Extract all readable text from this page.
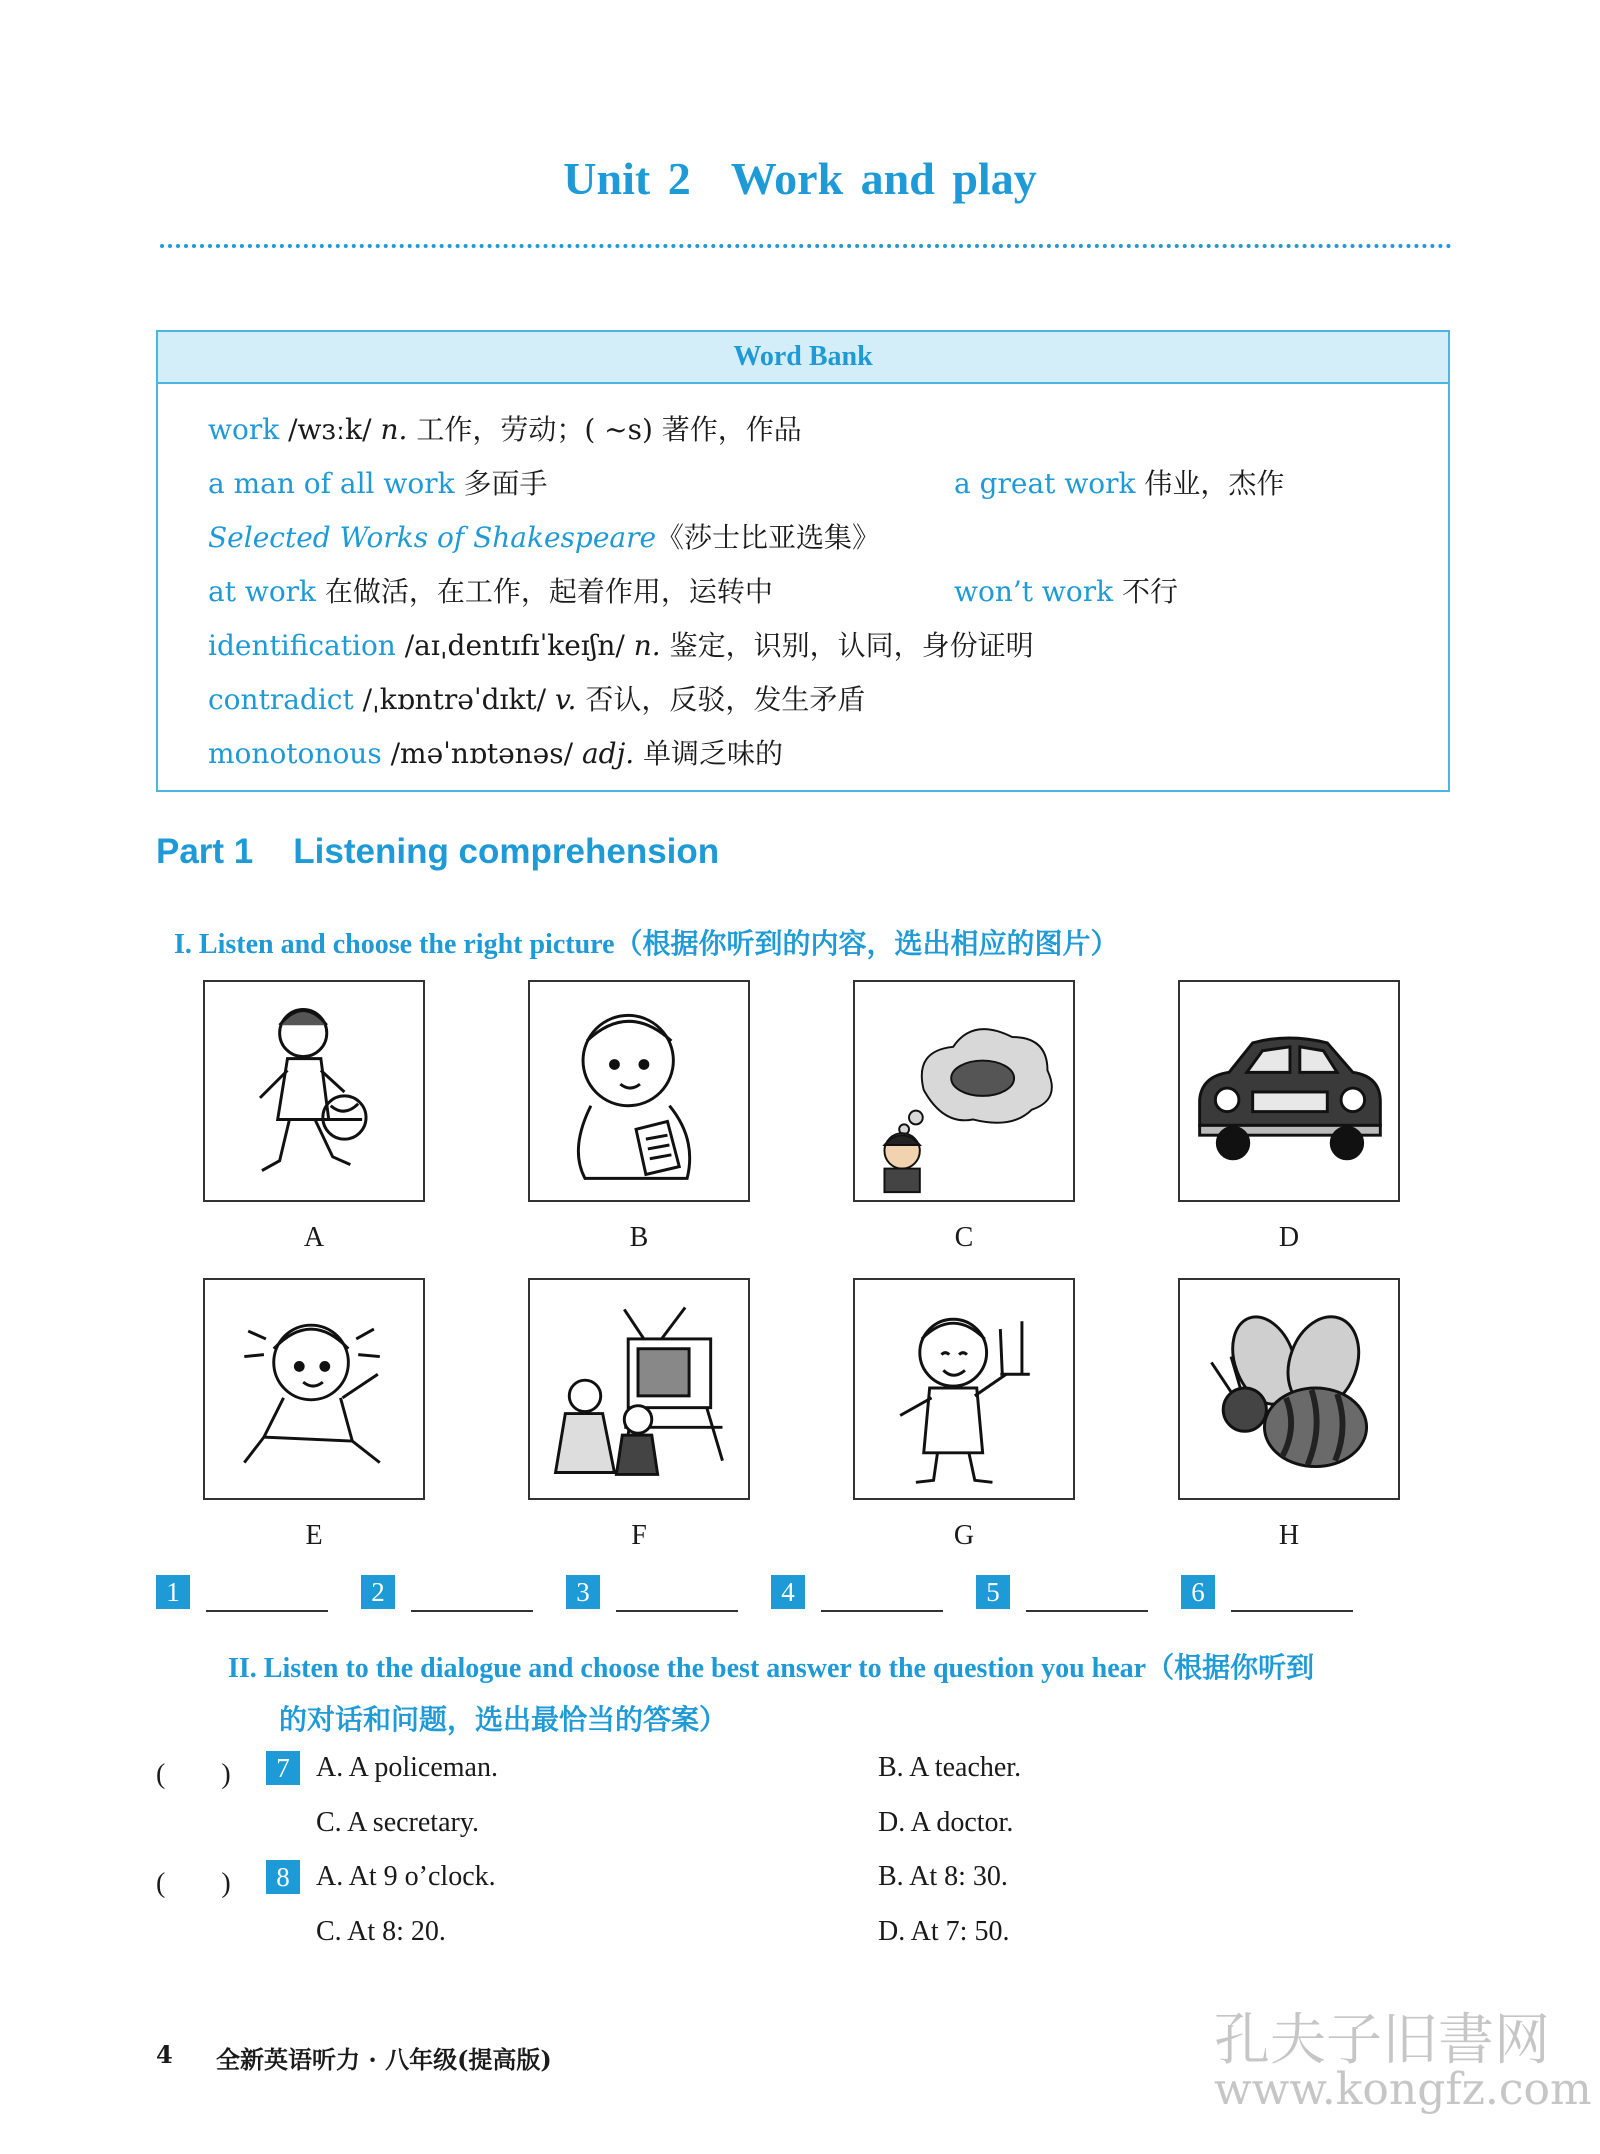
Unit 2 Work and play
Word Bank
work /wɜːk/ n. 工作，劳动；( ~s) 著作，作品
a man of all work 多面手	a great work 伟业，杰作
Selected Works of Shakespeare《莎士比亚选集》
at work 在做活，在工作，起着作用，运转中	won’t work 不行
identification /aɪˌdentɪfɪˈkeɪʃn/ n. 鉴定，识别，认同，身份证明
contradict /ˌkɒntrəˈdɪkt/ v. 否认，反驳，发生矛盾
monotonous /məˈnɒtənəs/ adj. 单调乏味的
Part 1 Listening comprehension
I. Listen and choose the right picture（根据你听到的内容，选出相应的图片）
A	B	C	D
E	F	G	H
1	2	3	4	5	6
II. Listen to the dialogue and choose the best answer to the question you hear（根据你听到
的对话和问题，选出最恰当的答案）
(　　)	7 A. A policeman.	B. A teacher.
C. A secretary.	D. A doctor.
(　　)	8 A. At 9 o’clock.	B. At 8: 30.
C. At 8: 20.	D. At 7: 50.
4 全新英语听力 · 八年级(提高版)	孔夫子旧書网
www.kongfz.com
